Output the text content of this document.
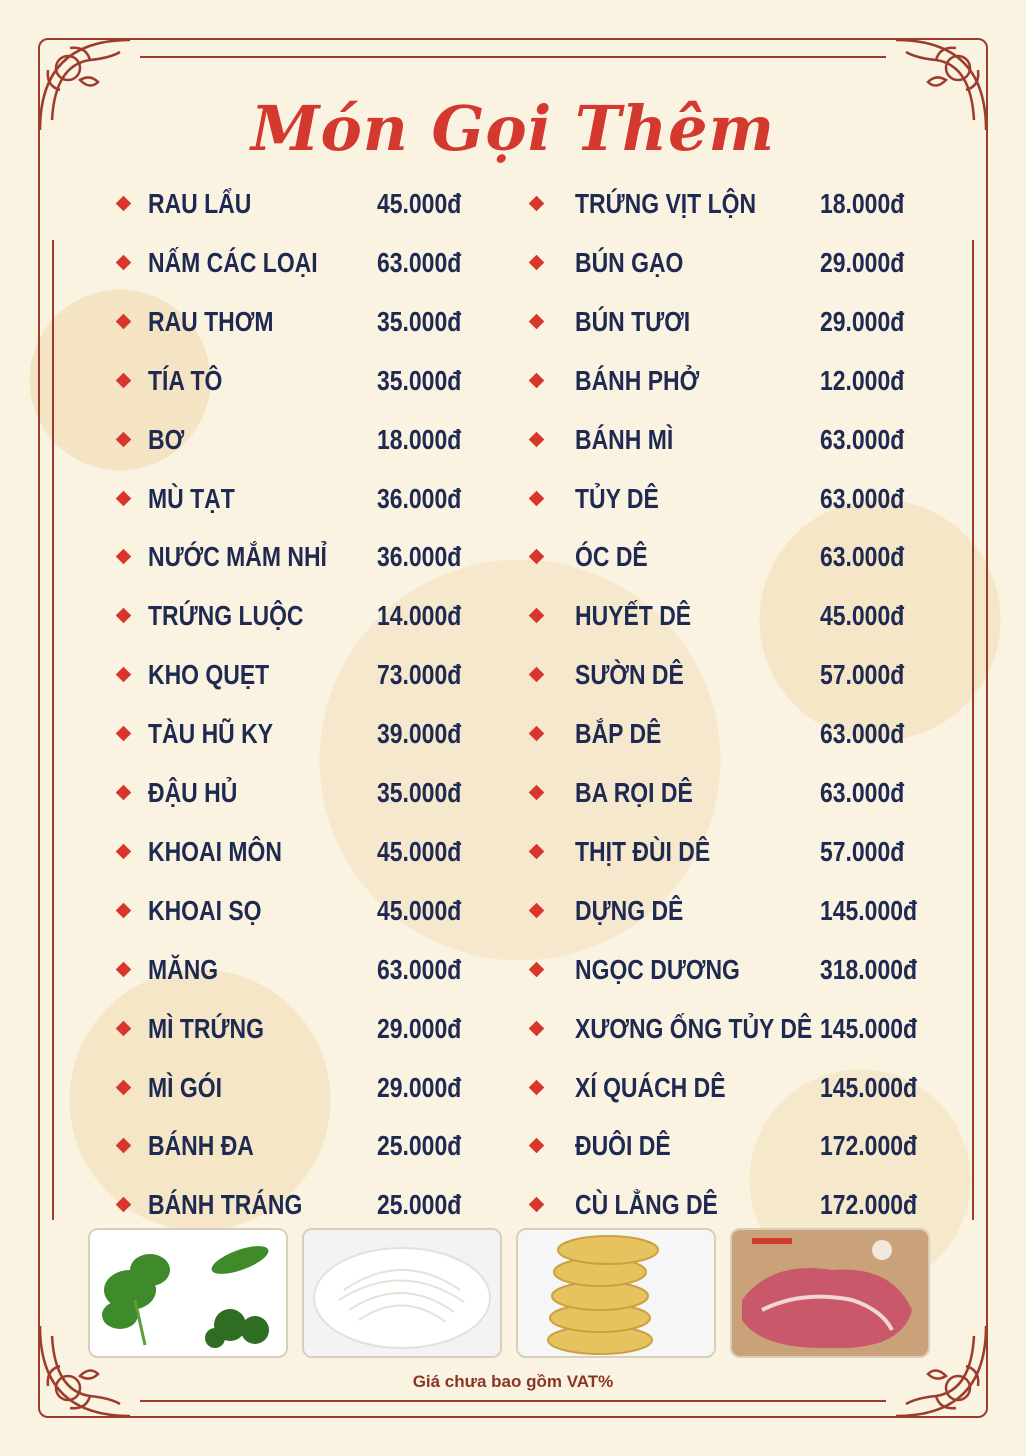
Món Gọi Thêm
RAU LẨU	45.000đ
NẤM CÁC LOẠI 63.000đ
RAU THƠM	35.000đ
TÍA TÔ	35.000đ
BƠ	18.000đ
MÙ TẠT	36.000đ
NƯỚC MẮM NHỈ 36.000đ
TRỨNG LUỘC	14.000đ
KHO QUẸT	73.000đ
TÀU HŨ KY	39.000đ
ĐẬU HỦ	35.000đ
KHOAI MÔN	45.000đ
KHOAI SỌ	45.000đ
MĂNG	63.000đ
MÌ TRỨNG	29.000đ
MÌ GÓI	29.000đ
BÁNH ĐA	25.000đ
BÁNH TRÁNG	25.000đ
TRỨNG VỊT LỘN 18.000đ
BÚN GẠO	29.000đ
BÚN TƯƠI	29.000đ
BÁNH PHỞ	12.000đ
BÁNH MÌ	63.000đ
TỦY DÊ	63.000đ
ÓC DÊ	63.000đ
HUYẾT DÊ	45.000đ
SƯỜN DÊ	57.000đ
BẮP DÊ	63.000đ
BA RỌI DÊ	63.000đ
THỊT ĐÙI DÊ	57.000đ
DỰNG DÊ	145.000đ
NGỌC DƯƠNG	318.000đ
XƯƠNG ỐNG TỦY DÊ 145.000đ
XÍ QUÁCH DÊ	145.000đ
ĐUÔI DÊ	172.000đ
CÙ LẲNG DÊ	172.000đ
Giá chưa bao gồm VAT%
